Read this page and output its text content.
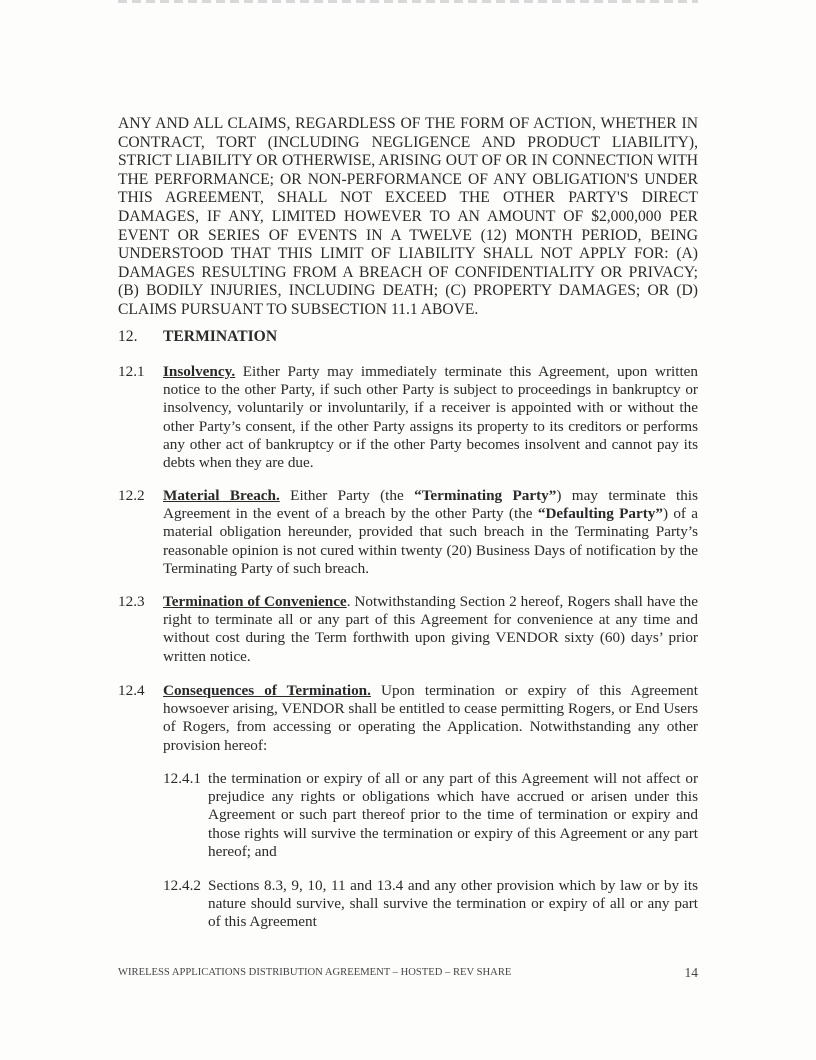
ANY AND ALL CLAIMS, REGARDLESS OF THE FORM OF ACTION, WHETHER IN CONTRACT, TORT (INCLUDING NEGLIGENCE AND PRODUCT LIABILITY), STRICT LIABILITY OR OTHERWISE, ARISING OUT OF OR IN CONNECTION WITH THE PERFORMANCE; OR NON-PERFORMANCE OF ANY OBLIGATION'S UNDER THIS AGREEMENT, SHALL NOT EXCEED THE OTHER PARTY'S DIRECT DAMAGES, IF ANY, LIMITED HOWEVER TO AN AMOUNT OF $2,000,000 PER EVENT OR SERIES OF EVENTS IN A TWELVE (12) MONTH PERIOD, BEING UNDERSTOOD THAT THIS LIMIT OF LIABILITY SHALL NOT APPLY FOR: (A) DAMAGES RESULTING FROM A BREACH OF CONFIDENTIALITY OR PRIVACY; (B) BODILY INJURIES, INCLUDING DEATH; (C) PROPERTY DAMAGES; OR (D) CLAIMS PURSUANT TO SUBSECTION 11.1 ABOVE.

12. TERMINATION

12.1 Insolvency. Either Party may immediately terminate this Agreement, upon written notice to the other Party, if such other Party is subject to proceedings in bankruptcy or insolvency, voluntarily or involuntarily, if a receiver is appointed with or without the other Party’s consent, if the other Party assigns its property to its creditors or performs any other act of bankruptcy or if the other Party becomes insolvent and cannot pay its debts when they are due.
12.2 Material Breach. Either Party (the “Terminating Party”) may terminate this Agreement in the event of a breach by the other Party (the “Defaulting Party”) of a material obligation hereunder, provided that such breach in the Terminating Party’s reasonable opinion is not cured within twenty (20) Business Days of notification by the Terminating Party of such breach.
12.3 Termination of Convenience. Notwithstanding Section 2 hereof, Rogers shall have the right to terminate all or any part of this Agreement for convenience at any time and without cost during the Term forthwith upon giving VENDOR sixty (60) days’ prior written notice.
12.4 Consequences of Termination. Upon termination or expiry of this Agreement howsoever arising, VENDOR shall be entitled to cease permitting Rogers, or End Users of Rogers, from accessing or operating the Application. Notwithstanding any other provision hereof:
12.4.1 the termination or expiry of all or any part of this Agreement will not affect or prejudice any rights or obligations which have accrued or arisen under this Agreement or such part thereof prior to the time of termination or expiry and those rights will survive the termination or expiry of this Agreement or any part hereof; and
12.4.2 Sections 8.3, 9, 10, 11 and 13.4 and any other provision which by law or by its nature should survive, shall survive the termination or expiry of all or any part of this Agreement
WIRELESS APPLICATIONS DISTRIBUTION AGREEMENT – HOSTED – REV SHARE	14
